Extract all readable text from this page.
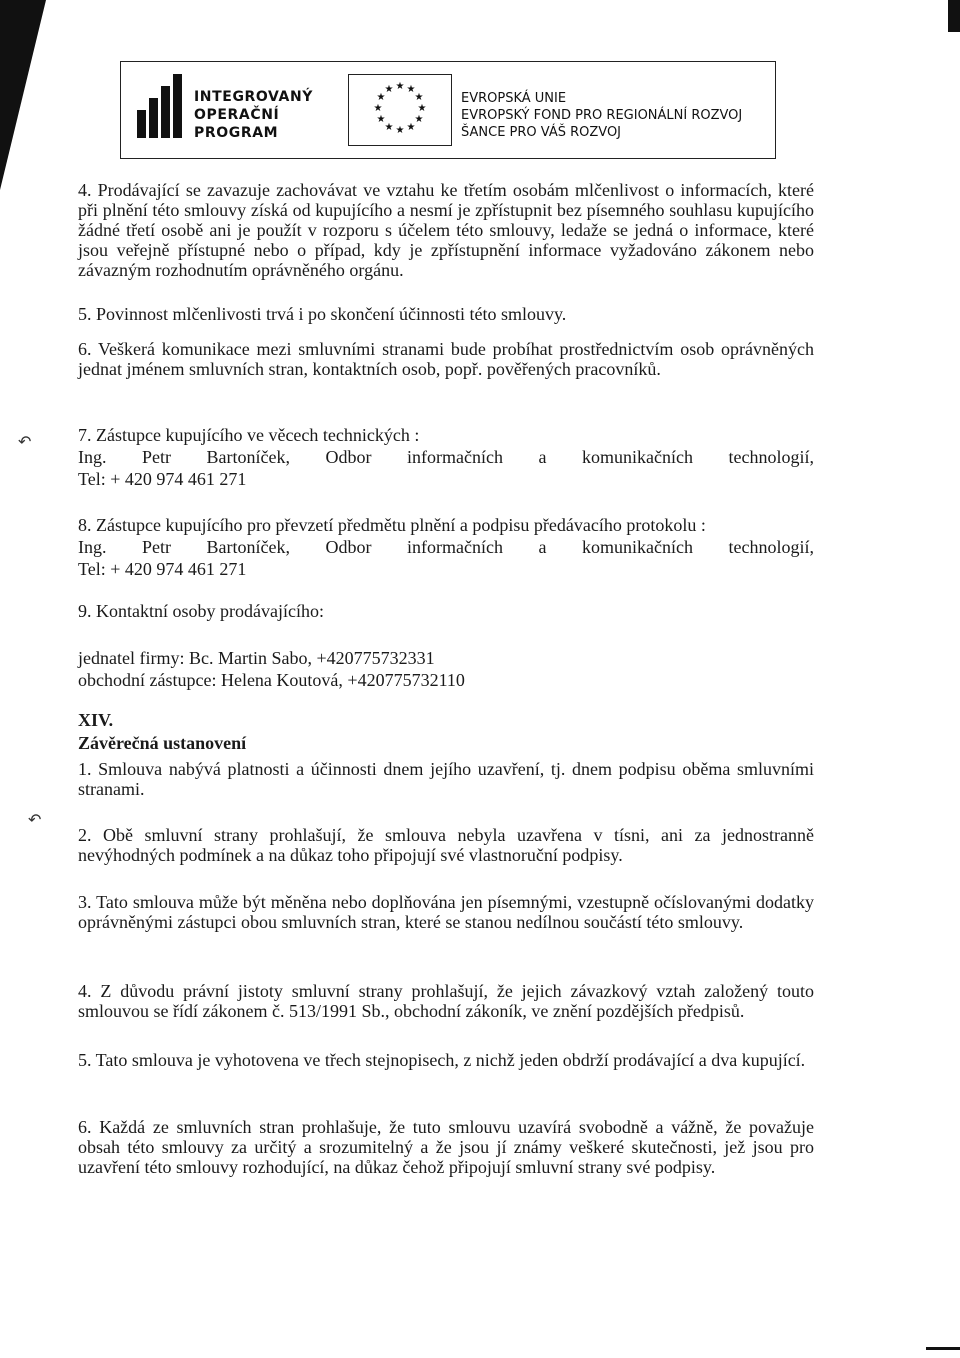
INTEGROVANÝ
OPERAČNÍ
PROGRAM
★ ★
★
★
★
★
★
★
★
★
★
★
EVROPSKÁ UNIE
EVROPSKÝ FOND PRO REGIONÁLNÍ ROZVOJ
ŠANCE PRO VÁŠ ROZVOJ

4. Prodávající se zavazuje zachovávat ve vztahu ke třetím osobám mlčenlivost o informacích, které při plnění této smlouvy získá od kupujícího a nesmí je zpřístupnit bez písemného souhlasu kupujícího žádné třetí osobě ani je použít v rozporu s účelem této smlouvy, ledaže se jedná o informace, které jsou veřejně přístupné nebo o případ, kdy je zpřístupnění informace vyžadováno zákonem nebo závazným rozhodnutím oprávněného orgánu.

5. Povinnost mlčenlivosti trvá i po skončení účinnosti této smlouvy.

6. Veškerá komunikace mezi smluvními stranami bude probíhat prostřednictvím osob oprávněných jednat jménem smluvních stran, kontaktních osob, popř. pověřených pracovníků.

7. Zástupce kupujícího ve věcech technických :

Ing. Petr Bartoníček, Odbor informačních a komunikačních technologií,

Tel: + 420 974 461 271

8. Zástupce kupujícího pro převzetí předmětu plnění a podpisu předávacího protokolu :

Ing. Petr Bartoníček, Odbor informačních a komunikačních technologií,

Tel: + 420 974 461 271

9. Kontaktní osoby prodávajícího:

jednatel firmy: Bc. Martin Sabo, +420775732331

obchodní zástupce: Helena Koutová, +420775732110

XIV.
Závěrečná ustanovení

1. Smlouva nabývá platnosti a účinnosti dnem jejího uzavření, tj. dnem podpisu oběma smluvními stranami.

2. Obě smluvní strany prohlašují, že smlouva nebyla uzavřena v tísni, ani za jednostranně nevýhodných podmínek a na důkaz toho připojují své vlastnoruční podpisy.

3. Tato smlouva může být měněna nebo doplňována jen písemnými, vzestupně očíslovanými dodatky oprávněnými zástupci obou smluvních stran, které se stanou nedílnou součástí této smlouvy.

4. Z důvodu právní jistoty smluvní strany prohlašují, že jejich závazkový vztah založený touto smlouvou se řídí zákonem č. 513/1991 Sb., obchodní zákoník, ve znění pozdějších předpisů.

5. Tato smlouva je vyhotovena ve třech stejnopisech, z nichž jeden obdrží prodávající a dva kupující.

6. Každá ze smluvních stran prohlašuje, že tuto smlouvu uzavírá svobodně a vážně, že považuje obsah této smlouvy za určitý a srozumitelný a že jsou jí známy veškeré skutečnosti, jež jsou pro uzavření této smlouvy rozhodující, na důkaz čehož připojují smluvní strany své podpisy.

↶
↶
